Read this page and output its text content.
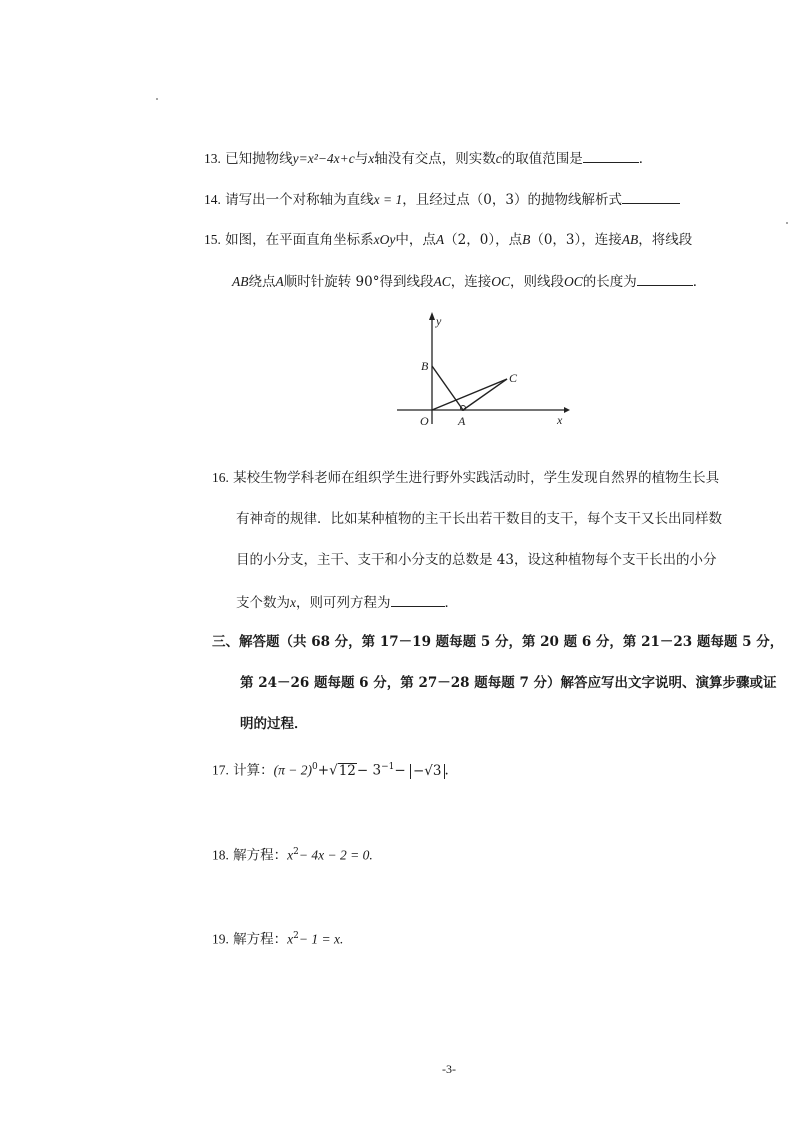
13. 已知抛物线y=x²−4x+c与x轴没有交点，则实数c的取值范围是	．
14. 请写出一个对称轴为直线x = 1，且经过点（0，3）的抛物线解析式
15. 如图，在平面直角坐标系xOy中，点A（2，0），点B（0，3），连接AB，将线段
AB绕点A顺时针旋转 90°得到线段AC，连接OC，则线段OC的长度为	．
y
x
O A
B
C
16. 某校生物学科老师在组织学生进行野外实践活动时，学生发现自然界的植物生长具
有神奇的规律．比如某种植物的主干长出若干数目的支干，每个支干又长出同样数
目的小分支，主干、支干和小分支的总数是 43，设这种植物每个支干长出的小分
支个数为x，则可列方程为	．
三、解答题（共 68 分，第 17－19 题每题 5 分，第 20 题 6 分，第 21－23 题每题 5 分，
第 24－26 题每题 6 分，第 27－28 题每题 7 分）解答应写出文字说明、演算步骤或证
明的过程．
17. 计算：$(\pi - 2)^0+√12- 3^{-1}- -√3$ .
18. 解方程：$x^2- 4x - 2 = 0$.
19. 解方程：$x^2- 1 = x$.
-3-
